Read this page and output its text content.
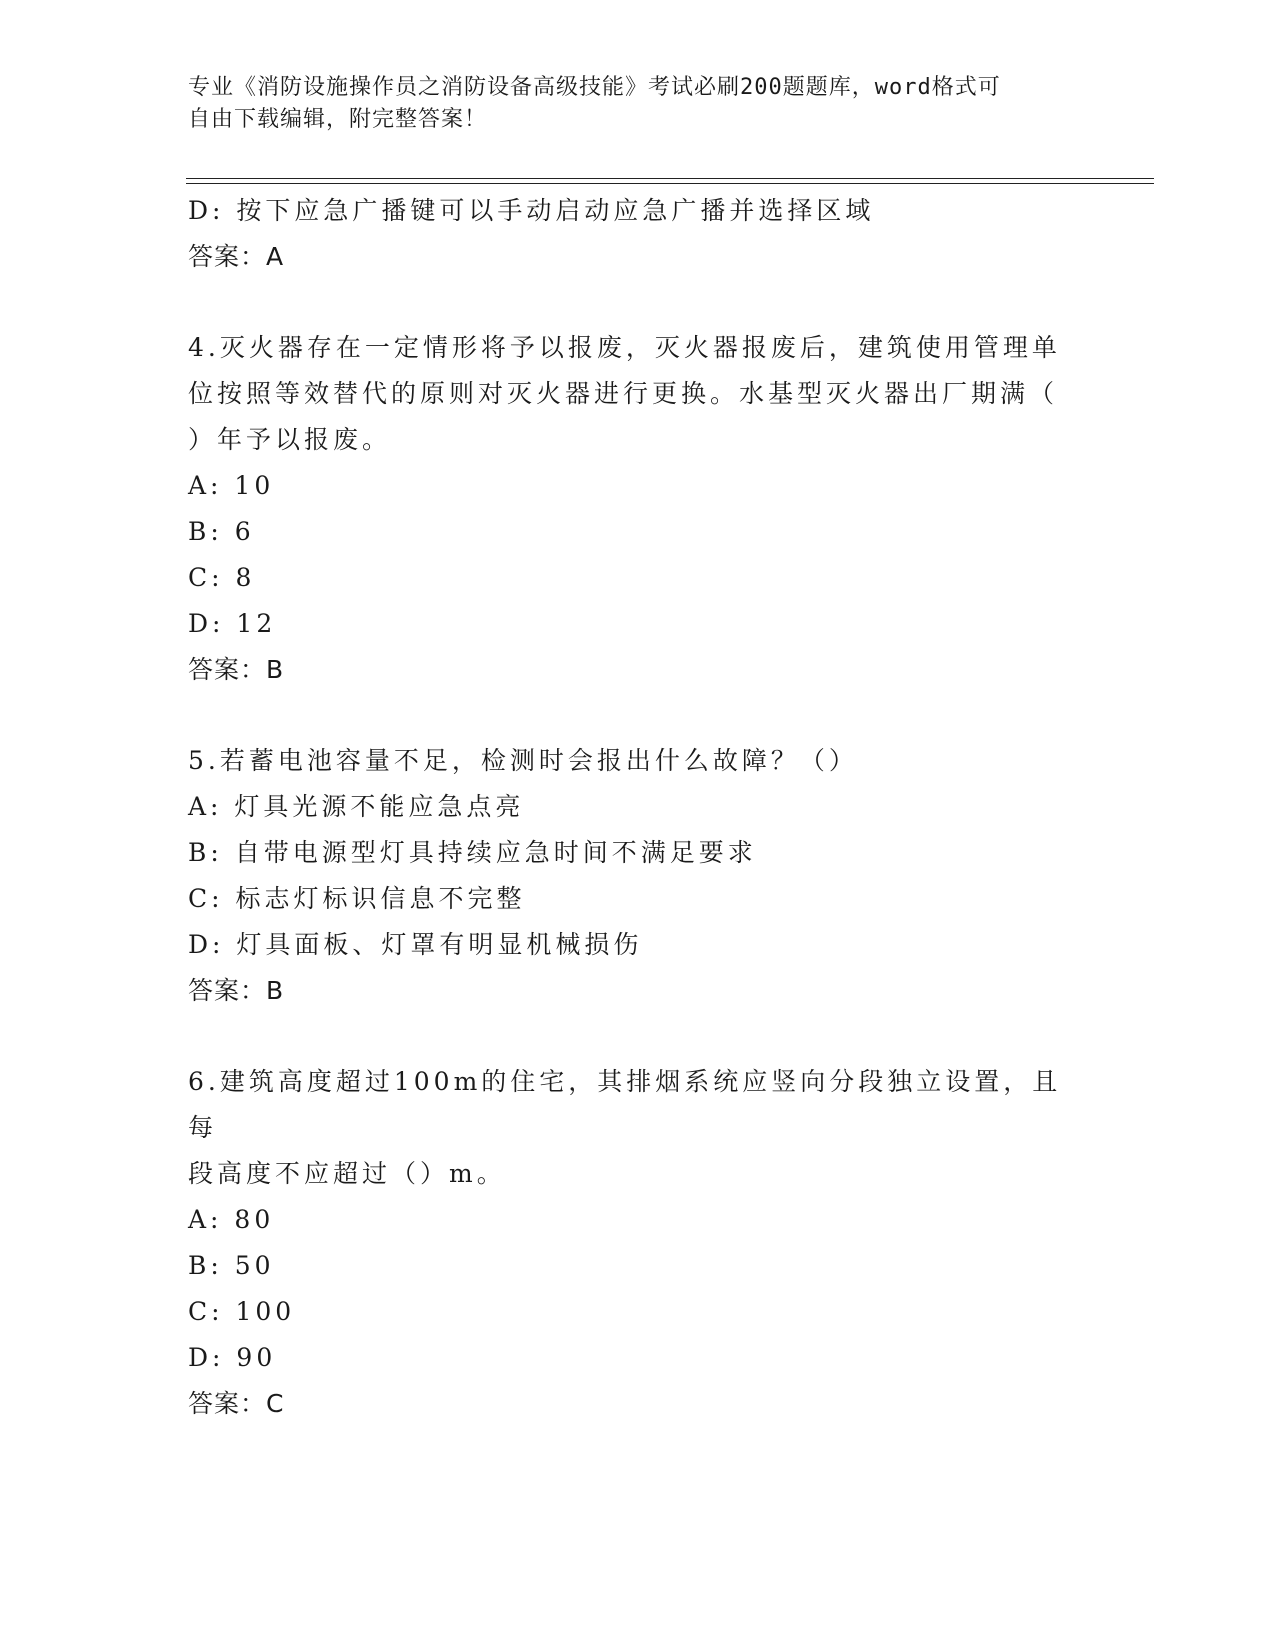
专业《消防设施操作员之消防设备高级技能》考试必刷200题题库，word格式可
自由下载编辑，附完整答案！
D: 按下应急广播键可以手动启动应急广播并选择区域
答案：A
4.灭火器存在一定情形将予以报废，灭火器报废后，建筑使用管理单
位按照等效替代的原则对灭火器进行更换。水基型灭火器出厂期满（
）年予以报废。
A: 10
B: 6
C: 8
D: 12
答案：B
5.若蓄电池容量不足，检测时会报出什么故障？（）
A: 灯具光源不能应急点亮
B: 自带电源型灯具持续应急时间不满足要求
C: 标志灯标识信息不完整
D: 灯具面板、灯罩有明显机械损伤
答案：B
6.建筑高度超过100m的住宅，其排烟系统应竖向分段独立设置，且每
段高度不应超过（）m。
A: 80
B: 50
C: 100
D: 90
答案：C
